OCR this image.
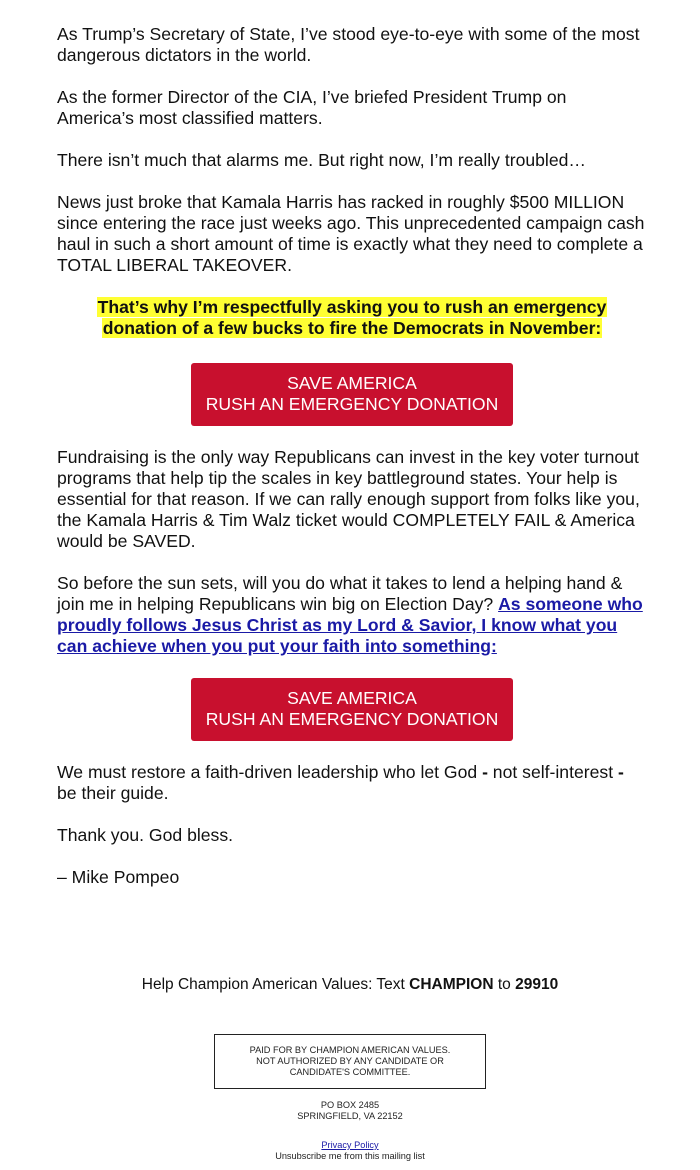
As Trump’s Secretary of State, I’ve stood eye-to-eye with some of the most dangerous dictators in the world.

As the former Director of the CIA, I’ve briefed President Trump on America’s most classified matters.

There isn’t much that alarms me. But right now, I’m really troubled…

News just broke that Kamala Harris has racked in roughly $500 MILLION since entering the race just weeks ago. This unprecedented campaign cash haul in such a short amount of time is exactly what they need to complete a TOTAL LIBERAL TAKEOVER.

That’s why I’m respectfully asking you to rush an emergency
donation of a few bucks to fire the Democrats in November:
SAVE AMERICA
RUSH AN EMERGENCY DONATION

Fundraising is the only way Republicans can invest in the key voter turnout programs that help tip the scales in key battleground states. Your help is essential for that reason. If we can rally enough support from folks like you, the Kamala Harris & Tim Walz ticket would COMPLETELY FAIL & America would be SAVED.

So before the sun sets, will you do what it takes to lend a helping hand & join me in helping Republicans win big on Election Day? As someone who proudly follows Jesus Christ as my Lord & Savior, I know what you can achieve when you put your faith into something:

SAVE AMERICA
RUSH AN EMERGENCY DONATION

We must restore a faith-driven leadership who let God - not self-interest - be their guide.

Thank you. God bless.

– Mike Pompeo

Help Champion American Values: Text CHAMPION to 29910
PAID FOR BY CHAMPION AMERICAN VALUES.
NOT AUTHORIZED BY ANY CANDIDATE OR
CANDIDATE'S COMMITTEE.
PO BOX 2485
SPRINGFIELD, VA 22152
Privacy Policy
Unsubscribe me from this mailing list
